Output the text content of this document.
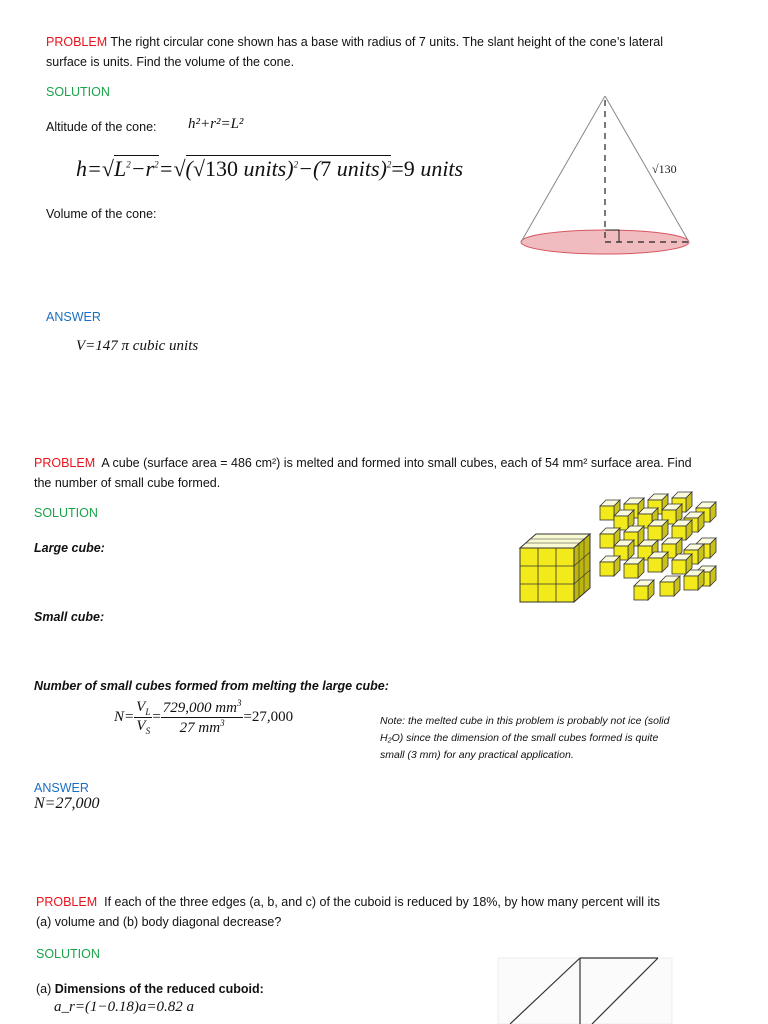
PROBLEM The right circular cone shown has a base with radius of 7 units. The slant height of the cone’s lateral
surface is units. Find the volume of the cone.
SOLUTION
Altitude of the cone: h²+r²=L²
$h=√L^2-r^2=√(√130$ units)$^2$−(7 units)$^2$=9 units
Volume of the cone:
ANSWER
V=147 π cubic units
√130
PROBLEM A cube (surface area = 486 cm²) is melted and formed into small cubes, each of 54 mm² surface area. Find
the number of small cube formed.
SOLUTION
Large cube:
Small cube:
Number of small cubes formed from melting the large cube:
$N= \frac{V_L}{V_S} = \frac{729,000 mm^3}{27 mm^3} =27,000$	Note: the melted cube in this problem is probably not ice (solid
H₂O) since the dimension of the small cubes formed is quite
small (3 mm) for any practical application.
ANSWER
N=27,000
PROBLEM If each of the three edges (a, b, and c) of the cuboid is reduced by 18%, by how many percent will its
(a) volume and (b) body diagonal decrease?
SOLUTION
(a) Dimensions of the reduced cuboid:
a_r=(1−0.18)a=0.82 a
